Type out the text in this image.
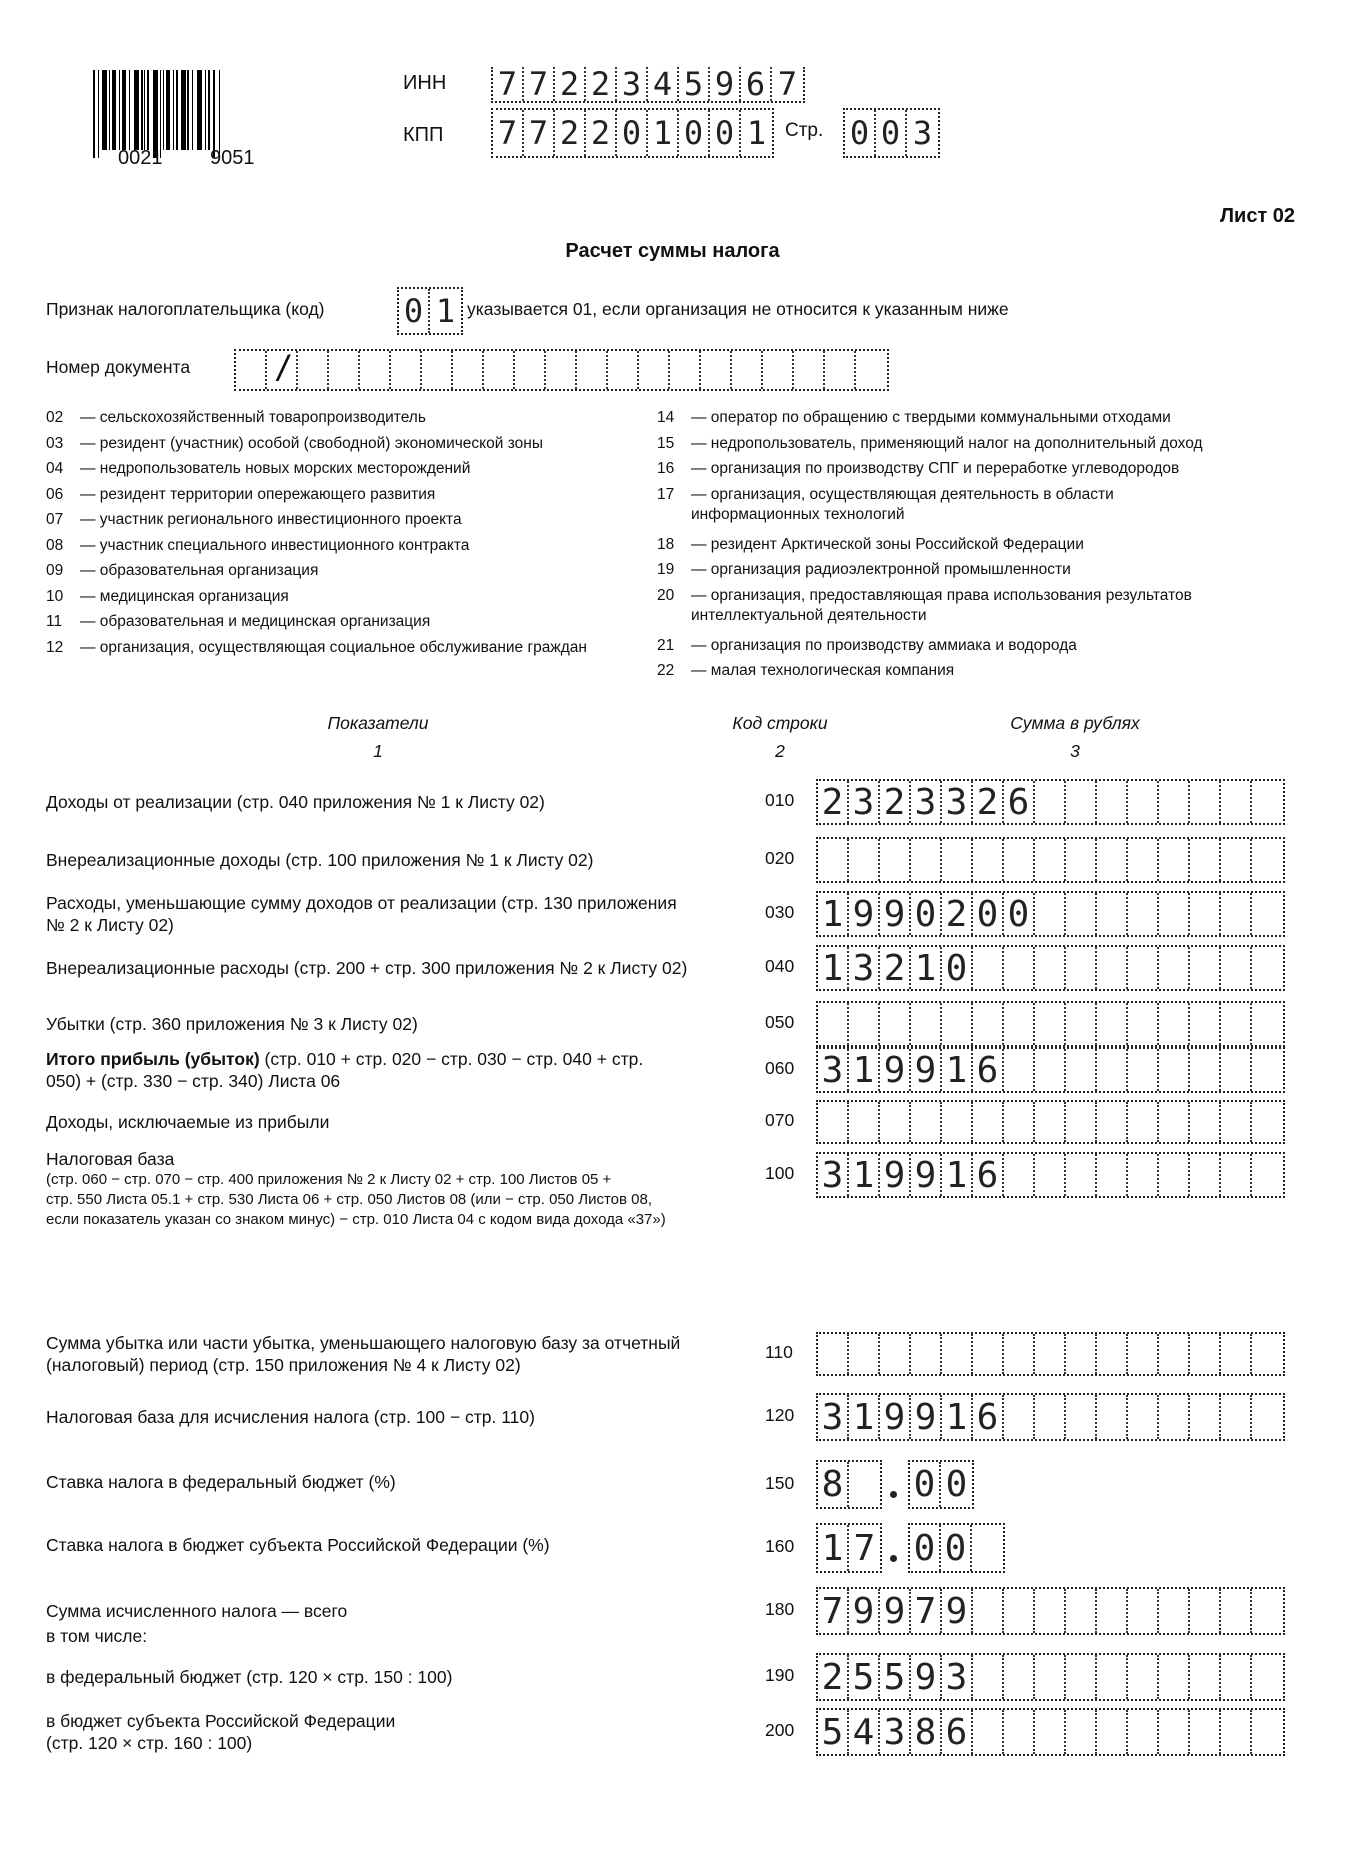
0021 9051
ИНН 7 7 2 2 3 4 5 9 6 7
КПП 7 7 2 2 0 1 0 0 1 Стр. 0 0 3
Лист 02
Расчет суммы налога
Признак налогоплательщика (код) 0 1 указывается 01, если организация не относится к указанным ниже
Номер документа	/
02	— сельскохозяйственный товаропроизводитель
03	— резидент (участник) особой (свободной) экономической зоны
04	— недропользователь новых морских месторождений
06	— резидент территории опережающего развития
07	— участник регионального инвестиционного проекта
08	— участник специального инвестиционного контракта
09	— образовательная организация
10	— медицинская организация
11	— образовательная и медицинская организация
12	— организация, осуществляющая социальное обслуживание граждан
14	— оператор по обращению с твердыми коммунальными отходами
15	— недропользователь, применяющий налог на дополнительный доход
16	— организация по производству СПГ и переработке углеводородов
17	— организация, осуществляющая деятельность в области
информационных технологий
18	— резидент Арктической зоны Российской Федерации
19	— организация радиоэлектронной промышленности
20	— организация, предоставляющая права использования результатов
интеллектуальной деятельности
21	— организация по производству аммиака и водорода
22	— малая технологическая компания
Показатели
1
Код строки
2
Сумма в рублях
3
Доходы от реализации (стр. 040 приложения № 1 к Листу 02)	010 2 3 2 3 3 2 6
Внереализационные доходы (стр. 100 приложения № 1 к Листу 02)	020
Расходы, уменьшающие сумму доходов от реализации (стр. 130 приложения
№ 2 к Листу 02)
030 1 9 9 0 2 0 0
Внереализационные расходы (стр. 200 + стр. 300 приложения № 2 к Листу 02)	040 1 3 2 1 0
Убытки (стр. 360 приложения № 3 к Листу 02)	050
Итого прибыль (убыток) (стр. 010 + стр. 020 − стр. 030 − стр. 040 + стр.
050) + (стр. 330 − стр. 340) Листа 06
060 3 1 9 9 1 6
Доходы, исключаемые из прибыли	070
Налоговая база
(стр. 060 − стр. 070 − стр. 400 приложения № 2 к Листу 02 + стр. 100 Листов 05 +
стр. 550 Листа 05.1 + стр. 530 Листа 06 + стр. 050 Листов 08 (или − стр. 050 Листов 08,
если показатель указан со знаком минус) − стр. 010 Листа 04 с кодом вида дохода «37»)
100 3 1 9 9 1 6
Сумма убытка или части убытка, уменьшающего налоговую базу за отчетный
(налоговый) период (стр. 150 приложения № 4 к Листу 02)
110
Налоговая база для исчисления налога (стр. 100 − стр. 110)	120 3 1 9 9 1 6
Сумма исчисленного налога — всего	180 7 9 9 7 9
в федеральный бюджет (стр. 120 × стр. 150 : 100)	190 2 5 5 9 3
в бюджет субъекта Российской Федерации
(стр. 120 × стр. 160 : 100)
200 5 4 3 8 6
Ставка налога в федеральный бюджет (%)	150 8 0 0
Ставка налога в бюджет субъекта Российской Федерации (%)	160 1 7 0 0
в том числе:
